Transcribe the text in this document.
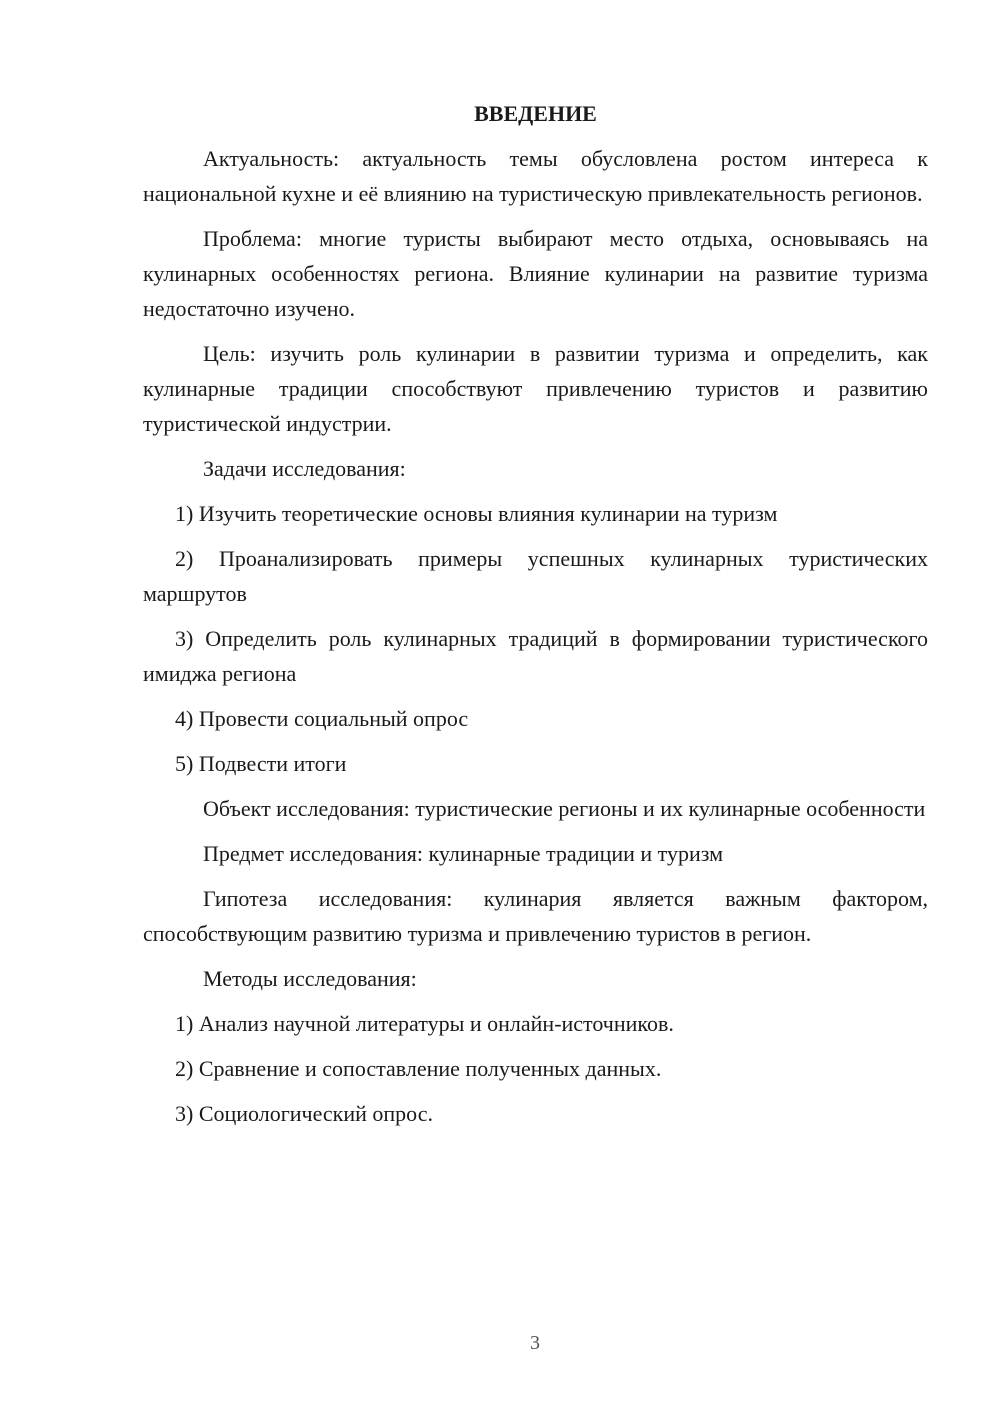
ВВЕДЕНИЕ

Актуальность: актуальность темы обусловлена ростом интереса к национальной кухне и её влиянию на туристическую привлекательность регионов.

Проблема: многие туристы выбирают место отдыха, основываясь на кулинарных особенностях региона. Влияние кулинарии на развитие туризма недостаточно изучено.

Цель: изучить роль кулинарии в развитии туризма и определить, как кулинарные традиции способствуют привлечению туристов и развитию туристической индустрии.

Задачи исследования:

1) Изучить теоретические основы влияния кулинарии на туризм

2) Проанализировать примеры успешных кулинарных туристических маршрутов

3) Определить роль кулинарных традиций в формировании туристического имиджа региона

4) Провести социальный опрос

5) Подвести итоги

Объект исследования: туристические регионы и их кулинарные особенности

Предмет исследования: кулинарные традиции и туризм

Гипотеза исследования: кулинария является важным фактором, способствующим развитию туризма и привлечению туристов в регион.

Методы исследования:

1) Анализ научной литературы и онлайн-источников.

2) Сравнение и сопоставление полученных данных.

3) Социологический опрос.

3
